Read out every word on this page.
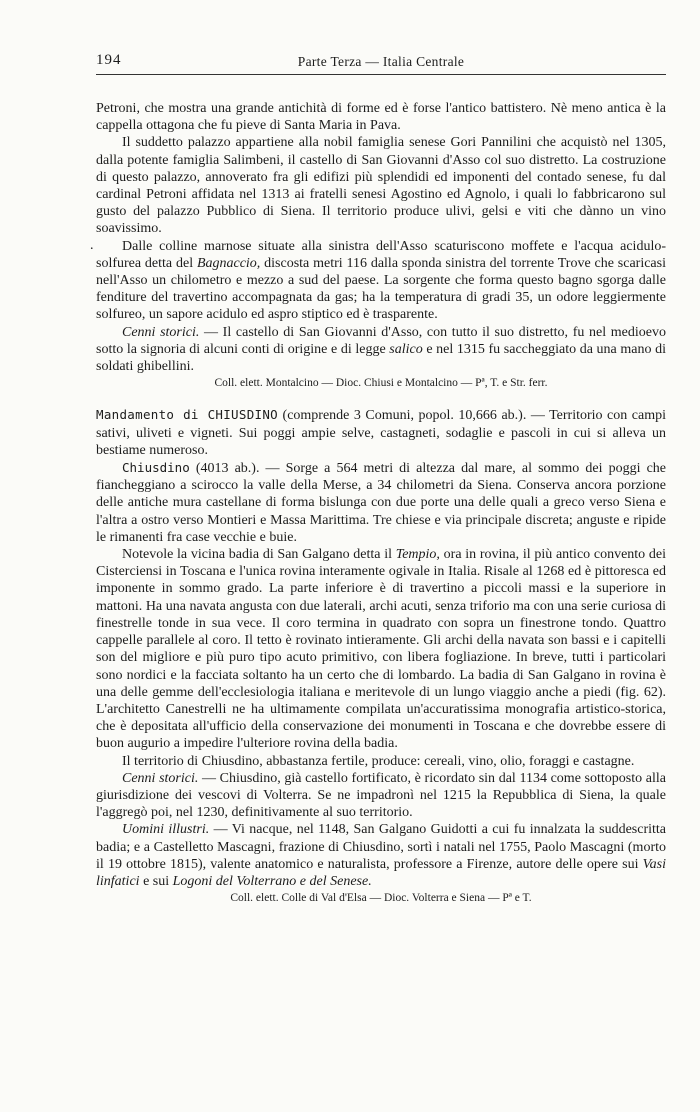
194	Parte Terza — Italia Centrale
.

Petroni, che mostra una grande antichità di forme ed è forse l'antico battistero. Nè meno antica è la cappella ottagona che fu pieve di Santa Maria in Pava.

Il suddetto palazzo appartiene alla nobil famiglia senese Gori Pannilini che acquistò nel 1305, dalla potente famiglia Salimbeni, il castello di San Giovanni d'Asso col suo distretto. La costruzione di questo palazzo, annoverato fra gli edifizi più splendidi ed imponenti del contado senese, fu dal cardinal Petroni affidata nel 1313 ai fratelli senesi Agostino ed Agnolo, i quali lo fabbricarono sul gusto del palazzo Pubblico di Siena. Il territorio produce ulivi, gelsi e viti che dànno un vino soavissimo.

Dalle colline marnose situate alla sinistra dell'Asso scaturiscono moffete e l'acqua acidulo-solfurea detta del Bagnaccio, discosta metri 116 dalla sponda sinistra del torrente Trove che scaricasi nell'Asso un chilometro e mezzo a sud del paese. La sorgente che forma questo bagno sgorga dalle fenditure del travertino accompagnata da gas; ha la temperatura di gradi 35, un odore leggiermente solfureo, un sapore acidulo ed aspro stiptico ed è trasparente.

Cenni storici. — Il castello di San Giovanni d'Asso, con tutto il suo distretto, fu nel medioevo sotto la signoria di alcuni conti di origine e di legge salico e nel 1315 fu saccheggiato da una mano di soldati ghibellini.

Coll. elett. Montalcino — Dioc. Chiusi e Montalcino — Pª, T. e Str. ferr.

Mandamento di CHIUSDINO (comprende 3 Comuni, popol. 10,666 ab.). — Territorio con campi sativi, uliveti e vigneti. Sui poggi ampie selve, castagneti, sodaglie e pascoli in cui si alleva un bestiame numeroso.

Chiusdino (4013 ab.). — Sorge a 564 metri di altezza dal mare, al sommo dei poggi che fiancheggiano a scirocco la valle della Merse, a 34 chilometri da Siena. Conserva ancora porzione delle antiche mura castellane di forma bislunga con due porte una delle quali a greco verso Siena e l'altra a ostro verso Montieri e Massa Marittima. Tre chiese e via principale discreta; anguste e ripide le rimanenti fra case vecchie e buie.

Notevole la vicina badia di San Galgano detta il Tempio, ora in rovina, il più antico convento dei Cisterciensi in Toscana e l'unica rovina interamente ogivale in Italia. Risale al 1268 ed è pittoresca ed imponente in sommo grado. La parte inferiore è di travertino a piccoli massi e la superiore in mattoni. Ha una navata angusta con due laterali, archi acuti, senza triforio ma con una serie curiosa di finestrelle tonde in sua vece. Il coro termina in quadrato con sopra un finestrone tondo. Quattro cappelle parallele al coro. Il tetto è rovinato intieramente. Gli archi della navata son bassi e i capitelli son del migliore e più puro tipo acuto primitivo, con libera fogliazione. In breve, tutti i particolari sono nordici e la facciata soltanto ha un certo che di lombardo. La badia di San Galgano in rovina è una delle gemme dell'ecclesiologia italiana e meritevole di un lungo viaggio anche a piedi (fig. 62). L'architetto Canestrelli ne ha ultimamente compilata un'accuratissima monografia artistico-storica, che è depositata all'ufficio della conservazione dei monumenti in Toscana e che dovrebbe essere di buon augurio a impedire l'ulteriore rovina della badia.

Il territorio di Chiusdino, abbastanza fertile, produce: cereali, vino, olio, foraggi e castagne.

Cenni storici. — Chiusdino, già castello fortificato, è ricordato sin dal 1134 come sottoposto alla giurisdizione dei vescovi di Volterra. Se ne impadronì nel 1215 la Repubblica di Siena, la quale l'aggregò poi, nel 1230, definitivamente al suo territorio.

Uomini illustri. — Vi nacque, nel 1148, San Galgano Guidotti a cui fu innalzata la suddescritta badia; e a Castelletto Mascagni, frazione di Chiusdino, sortì i natali nel 1755, Paolo Mascagni (morto il 19 ottobre 1815), valente anatomico e naturalista, professore a Firenze, autore delle opere sui Vasi linfatici e sui Logoni del Volterrano e del Senese.

Coll. elett. Colle di Val d'Elsa — Dioc. Volterra e Siena — Pª e T.
